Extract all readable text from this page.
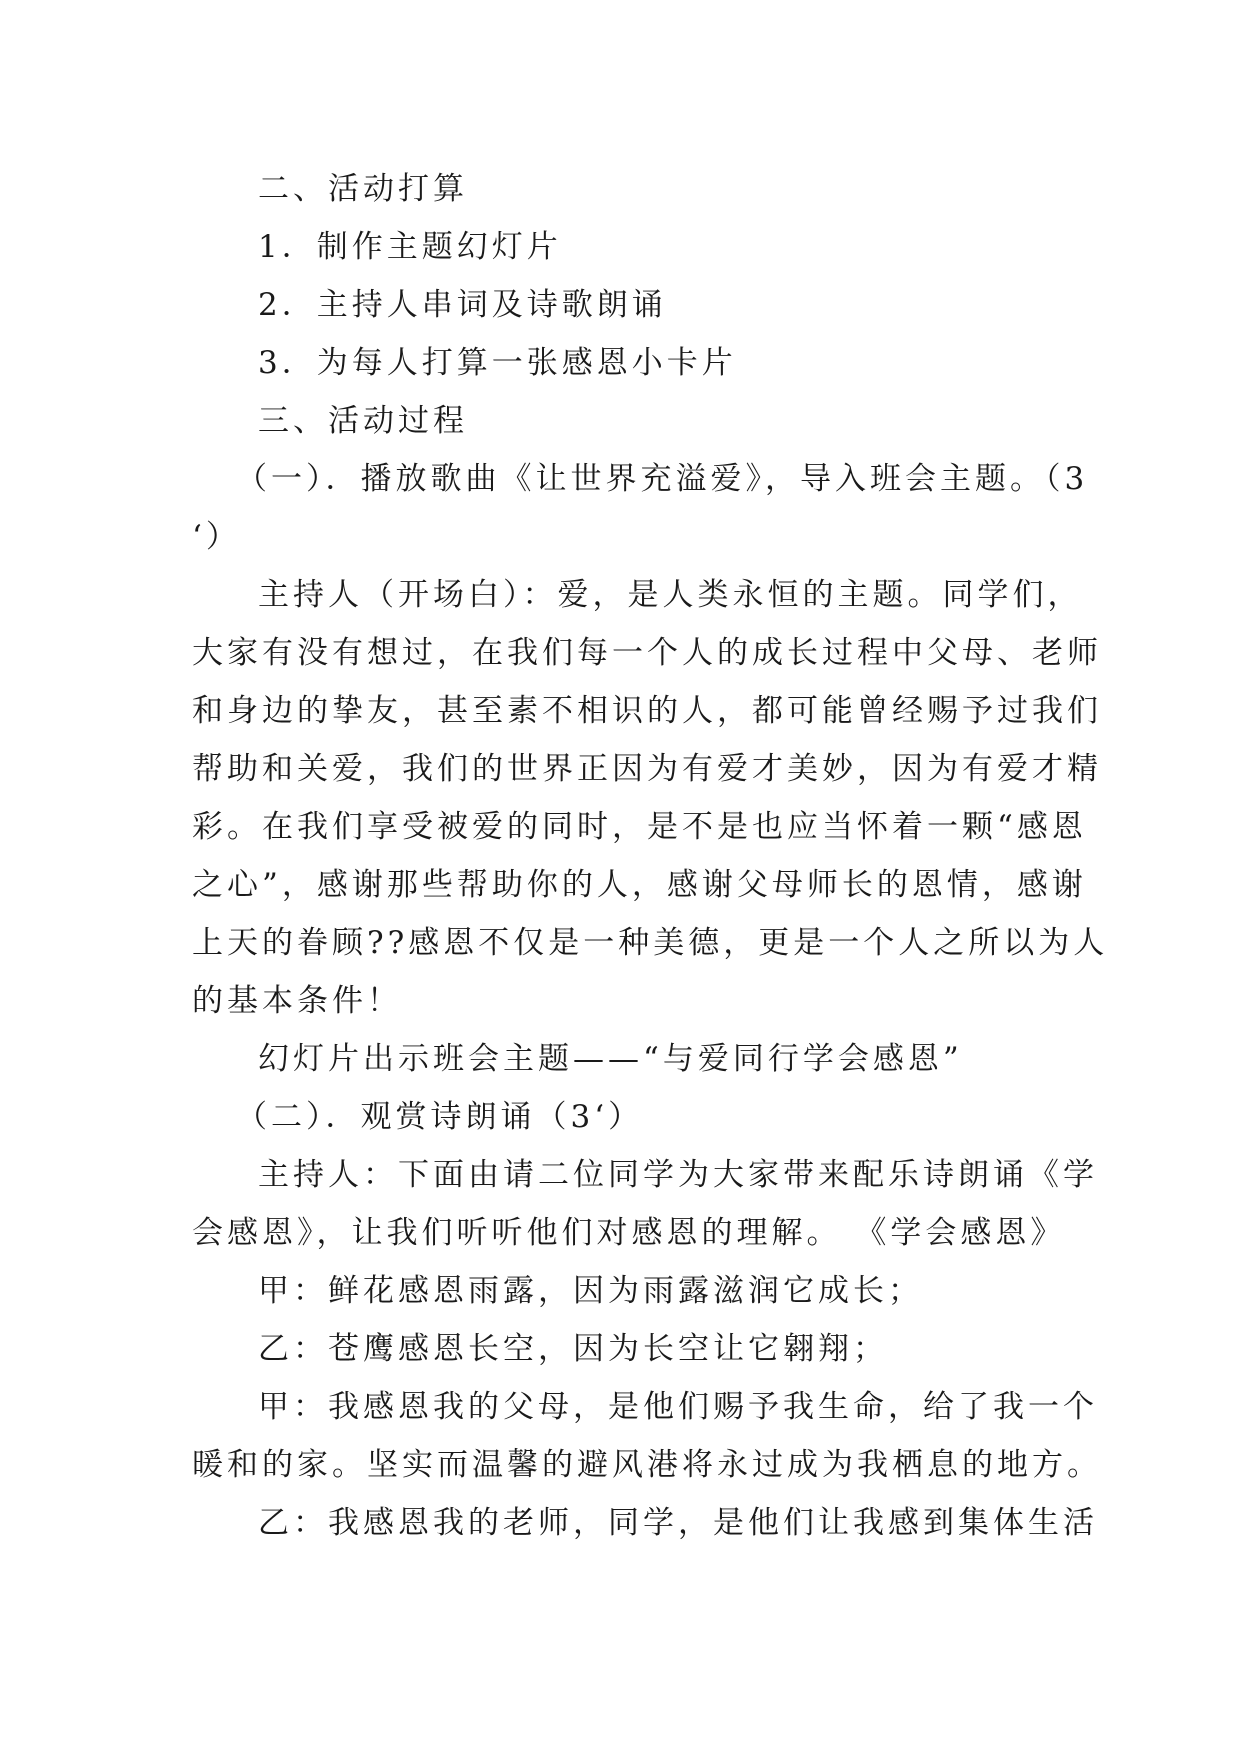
二、活动打算
1．制作主题幻灯片
2．主持人串词及诗歌朗诵
3．为每人打算一张感恩小卡片
三、活动过程
（一）．播放歌曲《让世界充溢爱》，导入班会主题。（3
‘）
主持人（开场白）：爱，是人类永恒的主题。同学们，
大家有没有想过，在我们每一个人的成长过程中父母、老师
和身边的挚友，甚至素不相识的人，都可能曾经赐予过我们
帮助和关爱，我们的世界正因为有爱才美妙，因为有爱才精
彩。在我们享受被爱的同时，是不是也应当怀着一颗“感恩
之心”，感谢那些帮助你的人，感谢父母师长的恩情，感谢
上天的眷顾??感恩不仅是一种美德，更是一个人之所以为人
的基本条件！
幻灯片出示班会主题——“与爱同行学会感恩”
（二）．观赏诗朗诵（3‘）
主持人：下面由请二位同学为大家带来配乐诗朗诵《学
会感恩》，让我们听听他们对感恩的理解。 《学会感恩》
甲：鲜花感恩雨露，因为雨露滋润它成长；
乙：苍鹰感恩长空，因为长空让它翱翔；
甲：我感恩我的父母，是他们赐予我生命，给了我一个
暖和的家。坚实而温馨的避风港将永过成为我栖息的地方。
乙：我感恩我的老师，同学，是他们让我感到集体生活
